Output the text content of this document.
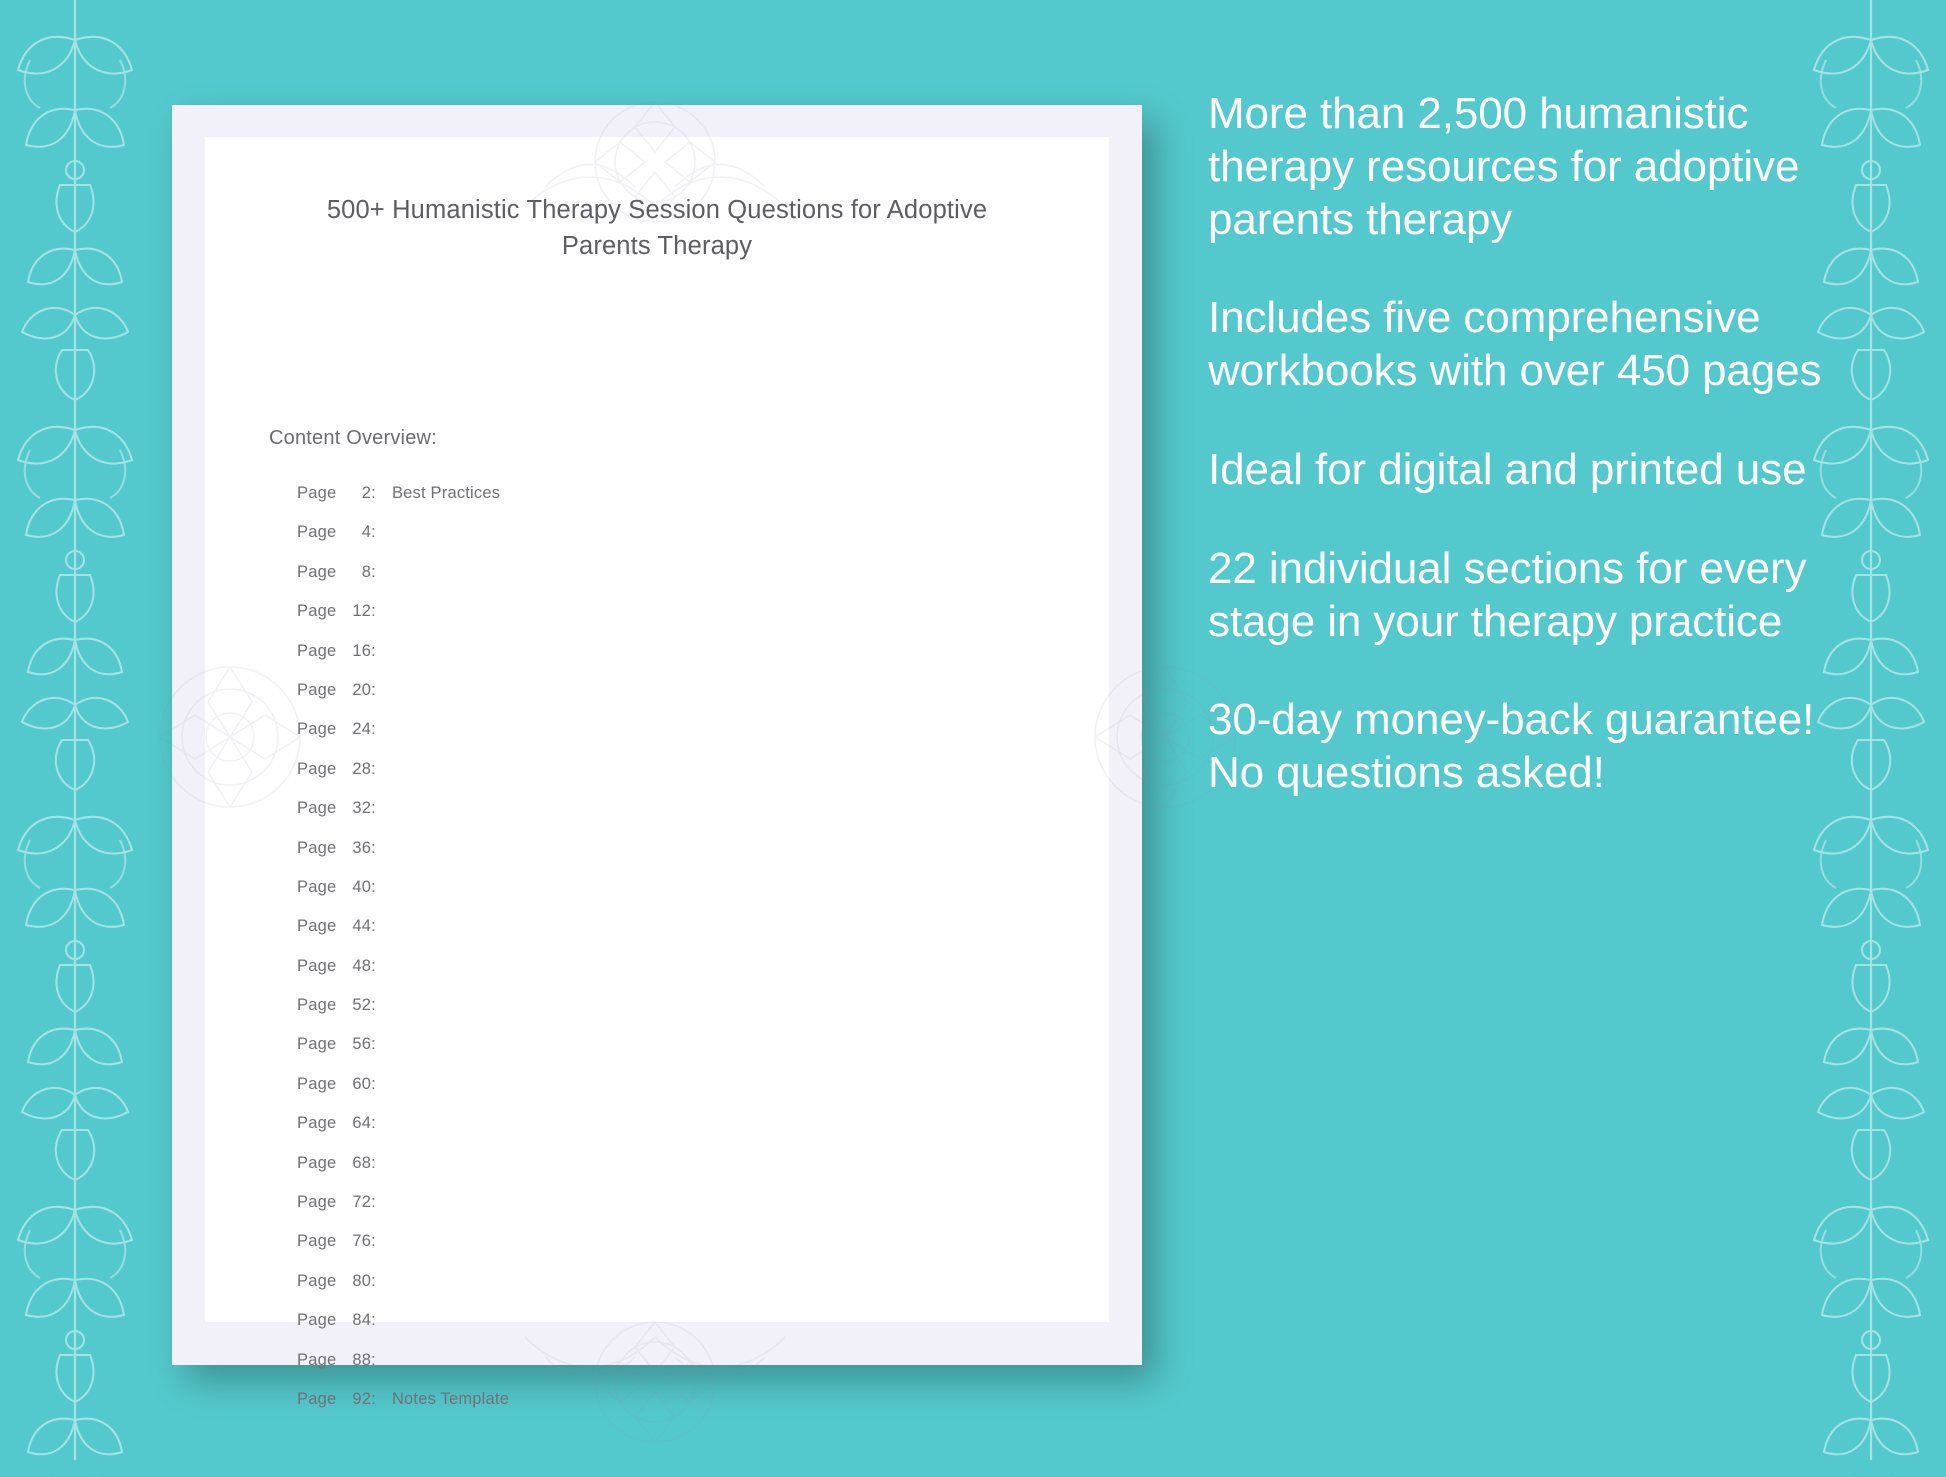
500+ Humanistic Therapy Session Questions for Adoptive Parents Therapy
Content Overview:
Page 2: Best Practices
Page 4:
Page 8:
Page 12:
Page 16:
Page 20:
Page 24:
Page 28:
Page 32:
Page 36:
Page 40:
Page 44:
Page 48:
Page 52:
Page 56:
Page 60:
Page 64:
Page 68:
Page 72:
Page 76:
Page 80:
Page 84:
Page 88:
Page 92: Notes Template
More than 2,500 humanistic therapy resources for adoptive parents therapy
Includes five comprehensive workbooks with over 450 pages
Ideal for digital and printed use
22 individual sections for every stage in your therapy practice
30-day money-back guarantee! No questions asked!
